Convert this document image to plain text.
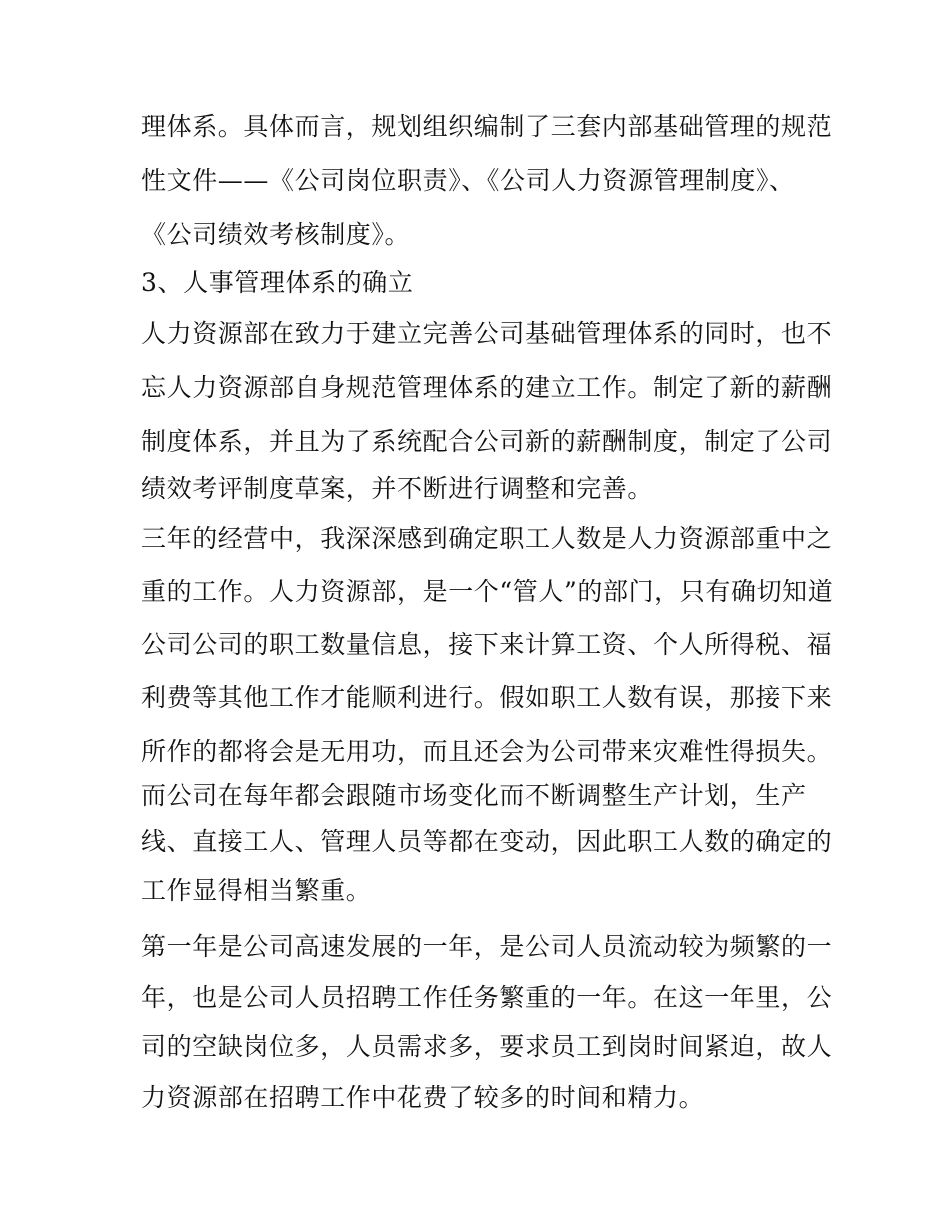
理体系。具体而言，规划组织编制了三套内部基础管理的规范
性文件——《公司岗位职责》、《公司人力资源管理制度》、
《公司绩效考核制度》。
3、人事管理体系的确立
人力资源部在致力于建立完善公司基础管理体系的同时，也不
忘人力资源部自身规范管理体系的建立工作。制定了新的薪酬
制度体系，并且为了系统配合公司新的薪酬制度，制定了公司
绩效考评制度草案，并不断进行调整和完善。
三年的经营中，我深深感到确定职工人数是人力资源部重中之
重的工作。人力资源部，是一个“管人”的部门，只有确切知道
公司公司的职工数量信息，接下来计算工资、个人所得税、福
利费等其他工作才能顺利进行。假如职工人数有误，那接下来
所作的都将会是无用功，而且还会为公司带来灾难性得损失。
而公司在每年都会跟随市场变化而不断调整生产计划，生产
线、直接工人、管理人员等都在变动，因此职工人数的确定的
工作显得相当繁重。
第一年是公司高速发展的一年，是公司人员流动较为频繁的一
年，也是公司人员招聘工作任务繁重的一年。在这一年里，公
司的空缺岗位多，人员需求多，要求员工到岗时间紧迫，故人
力资源部在招聘工作中花费了较多的时间和精力。
